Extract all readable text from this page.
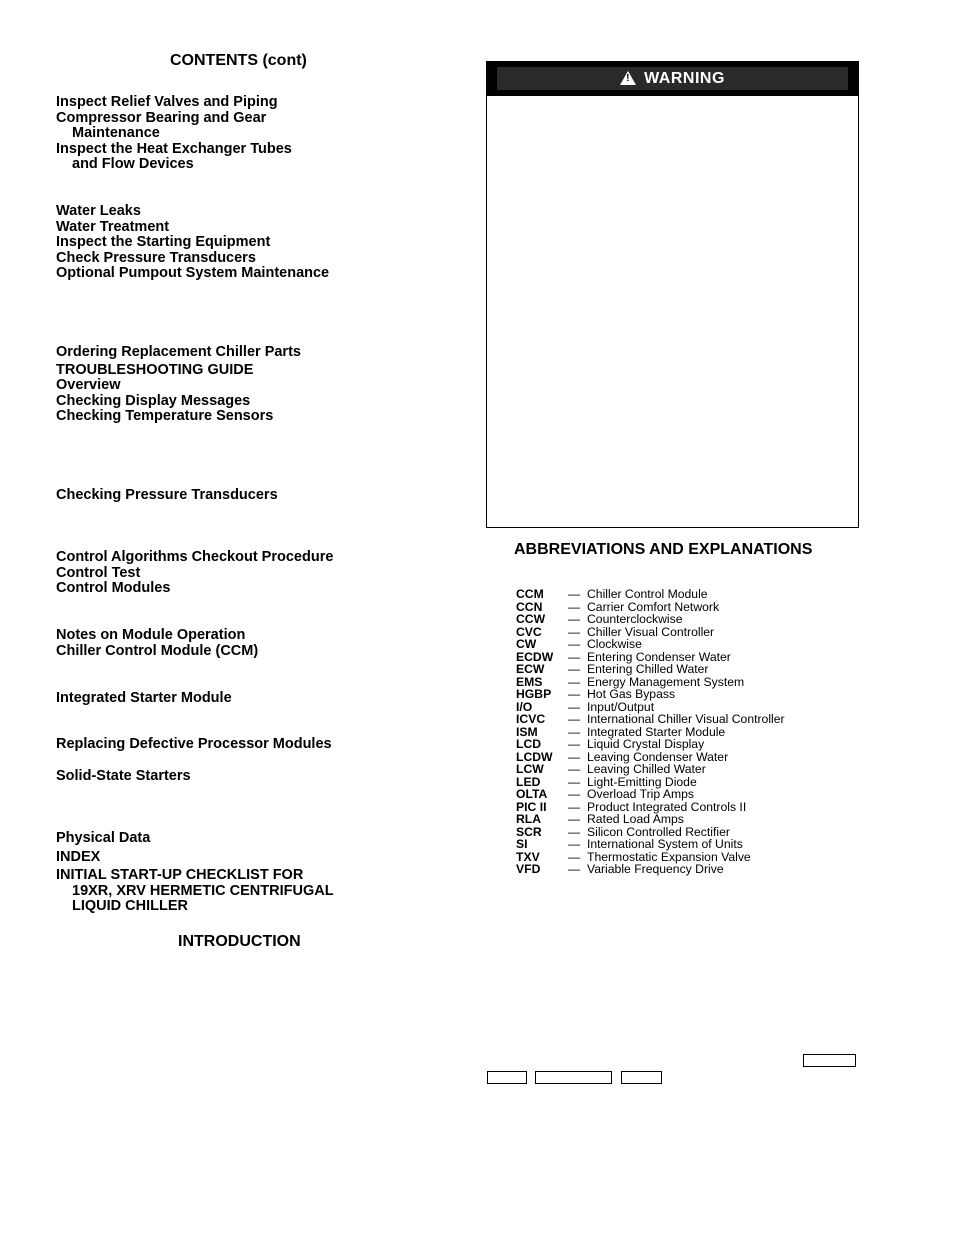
CONTENTS (cont)
Inspect Relief Valves and Piping
Compressor Bearing and Gear
Maintenance
Inspect the Heat Exchanger Tubes
and Flow Devices
Water Leaks
Water Treatment
Inspect the Starting Equipment
Check Pressure Transducers
Optional Pumpout System Maintenance
Ordering Replacement Chiller Parts
TROUBLESHOOTING GUIDE
Overview
Checking Display Messages
Checking Temperature Sensors
Checking Pressure Transducers
Control Algorithms Checkout Procedure
Control Test
Control Modules
Notes on Module Operation
Chiller Control Module (CCM)
Integrated Starter Module
Replacing Defective Processor Modules
Solid-State Starters
Physical Data
INDEX
INITIAL START-UP CHECKLIST FOR
19XR, XRV HERMETIC CENTRIFUGAL
LIQUID CHILLER
INTRODUCTION
! WARNING
ABBREVIATIONS AND EXPLANATIONS
CCM	— Chiller Control Module
CCN	— Carrier Comfort Network
CCW	— Counterclockwise
CVC	— Chiller Visual Controller
CW	— Clockwise
ECDW	— Entering Condenser Water
ECW	— Entering Chilled Water
EMS	— Energy Management System
HGBP	— Hot Gas Bypass
I/O	— Input/Output
ICVC	— International Chiller Visual Controller
ISM	— Integrated Starter Module
LCD	— Liquid Crystal Display
LCDW	— Leaving Condenser Water
LCW	— Leaving Chilled Water
LED	— Light-Emitting Diode
OLTA	— Overload Trip Amps
PIC II	— Product Integrated Controls II
RLA	— Rated Load Amps
SCR	— Silicon Controlled Rectifier
SI	— International System of Units
TXV	— Thermostatic Expansion Valve
VFD	— Variable Frequency Drive
